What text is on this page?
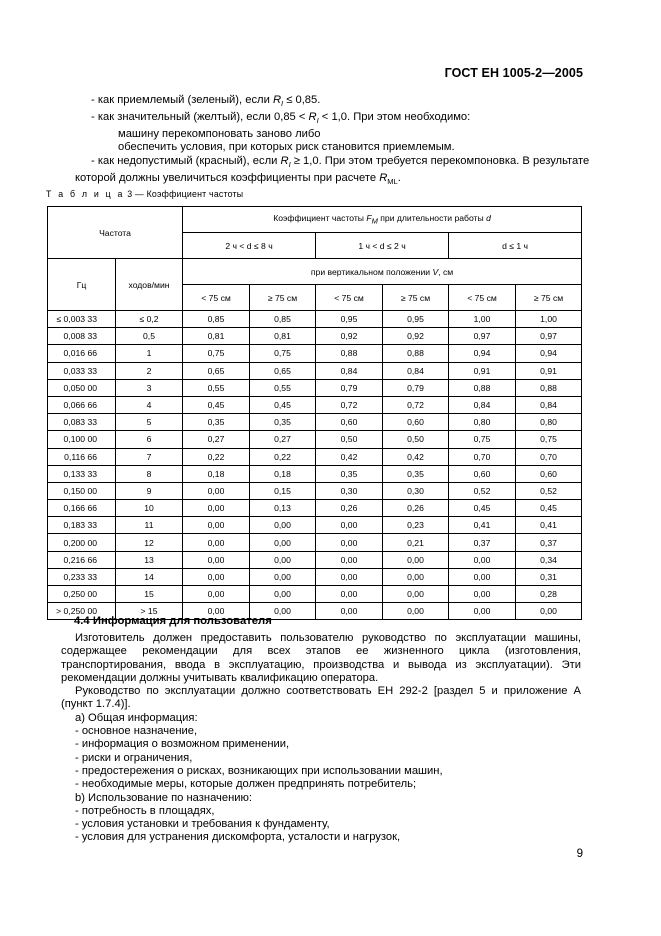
ГОСТ ЕН 1005-2—2005
- как приемлемый (зеленый), если $R_I \le 0,85$.
- как значительный (желтый), если $0,85 < R_I < 1,0$. При этом необходимо:
машину перекомпоновать заново либо
обеспечить условия, при которых риск становится приемлемым.
- как недопустимый (красный), если $R_I \ge 1,0$. При этом требуется перекомпоновка. В результате
которой должны увеличиться коэффициенты при расчете $R_{ML}$.
Т а б л и ц а 3 — Коэффициент частоты
Частота		Коэффициент частоты $F_M$ при длительности работы d					
		2 ч < d ≤ 8 ч		1 ч < d ≤ 2 ч		d ≤ 1 ч	
Гц	ходов/мин	при вертикальном положении V, см					
		< 75 см	≥ 75 см	< 75 см	≥ 75 см	< 75 см	≥ 75 см
≤ 0,003 33	≤ 0,2	0,85	0,85	0,95	0,95	1,00	1,00
0,008 33	0,5	0,81	0,81	0,92	0,92	0,97	0,97
0,016 66	1	0,75	0,75	0,88	0,88	0,94	0,94
0,033 33	2	0,65	0,65	0,84	0,84	0,91	0,91
0,050 00	3	0,55	0,55	0,79	0,79	0,88	0,88
0,066 66	4	0,45	0,45	0,72	0,72	0,84	0,84
0,083 33	5	0,35	0,35	0,60	0,60	0,80	0,80
0,100 00	6	0,27	0,27	0,50	0,50	0,75	0,75
0,116 66	7	0,22	0,22	0,42	0,42	0,70	0,70
0,133 33	8	0,18	0,18	0,35	0,35	0,60	0,60
0,150 00	9	0,00	0,15	0,30	0,30	0,52	0,52
0,166 66	10	0,00	0,13	0,26	0,26	0,45	0,45
0,183 33	11	0,00	0,00	0,00	0,23	0,41	0,41
0,200 00	12	0,00	0,00	0,00	0,21	0,37	0,37
0,216 66	13	0,00	0,00	0,00	0,00	0,00	0,34
0,233 33	14	0,00	0,00	0,00	0,00	0,00	0,31
0,250 00	15	0,00	0,00	0,00	0,00	0,00	0,28
> 0,250 00	> 15	0,00	0,00	0,00	0,00	0,00	0,00
4.4 Информация для пользователя
Изготовитель должен предоставить пользователю руководство по эксплуатации машины, содержащее рекомендации для всех этапов ее жизненного цикла (изготовления, транспортирования, ввода в эксплуатацию, производства и вывода из эксплуатации). Эти рекомендации должны учитывать квалификацию оператора.
Руководство по эксплуатации должно соответствовать ЕН 292-2 [раздел 5 и приложение А (пункт 1.7.4)].
a) Общая информация:
- основное назначение,
- информация о возможном применении,
- риски и ограничения,
- предостережения о рисках, возникающих при использовании машин,
- необходимые меры, которые должен предпринять потребитель;
b) Использование по назначению:
- потребность в площадях,
- условия установки и требования к фундаменту,
- условия для устранения дискомфорта, усталости и нагрузок,
9
